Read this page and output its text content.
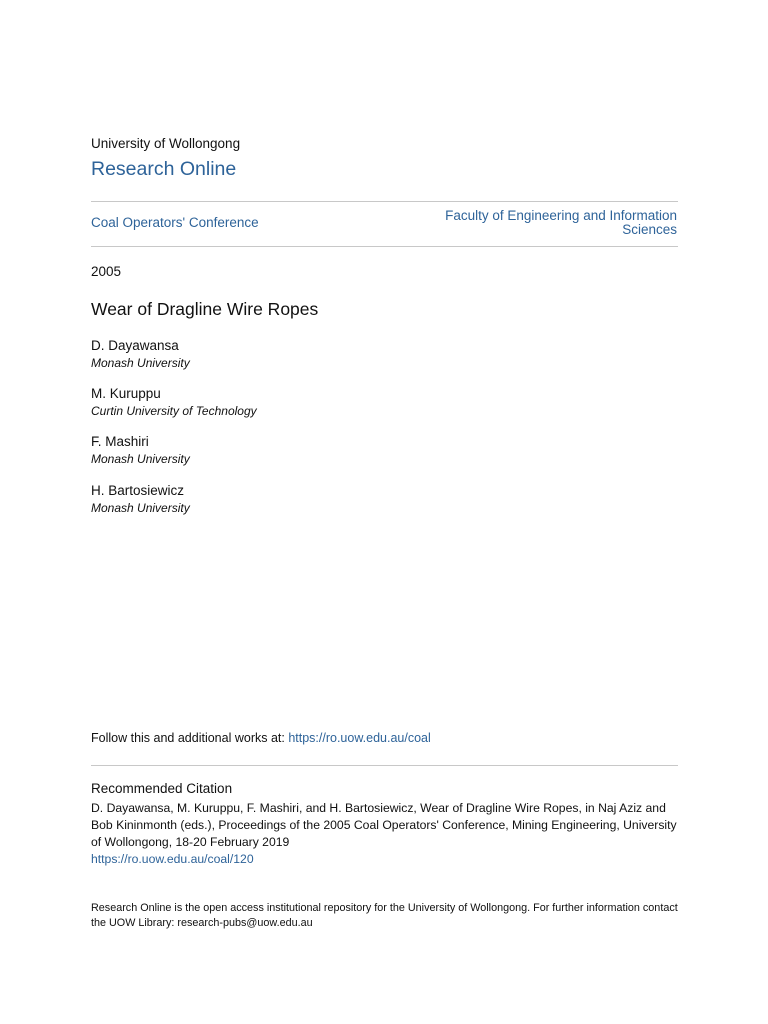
University of Wollongong
Research Online
Coal Operators' Conference	Faculty of Engineering and Information
Sciences
2005
Wear of Dragline Wire Ropes
D. Dayawansa
Monash University
M. Kuruppu
Curtin University of Technology
F. Mashiri
Monash University
H. Bartosiewicz
Monash University
Follow this and additional works at: https://ro.uow.edu.au/coal
Recommended Citation
D. Dayawansa, M. Kuruppu, F. Mashiri, and H. Bartosiewicz, Wear of Dragline Wire Ropes, in Naj Aziz and Bob Kininmonth (eds.), Proceedings of the 2005 Coal Operators' Conference, Mining Engineering, University of Wollongong, 18-20 February 2019
https://ro.uow.edu.au/coal/120
Research Online is the open access institutional repository for the University of Wollongong. For further information contact the UOW Library: research-pubs@uow.edu.au
